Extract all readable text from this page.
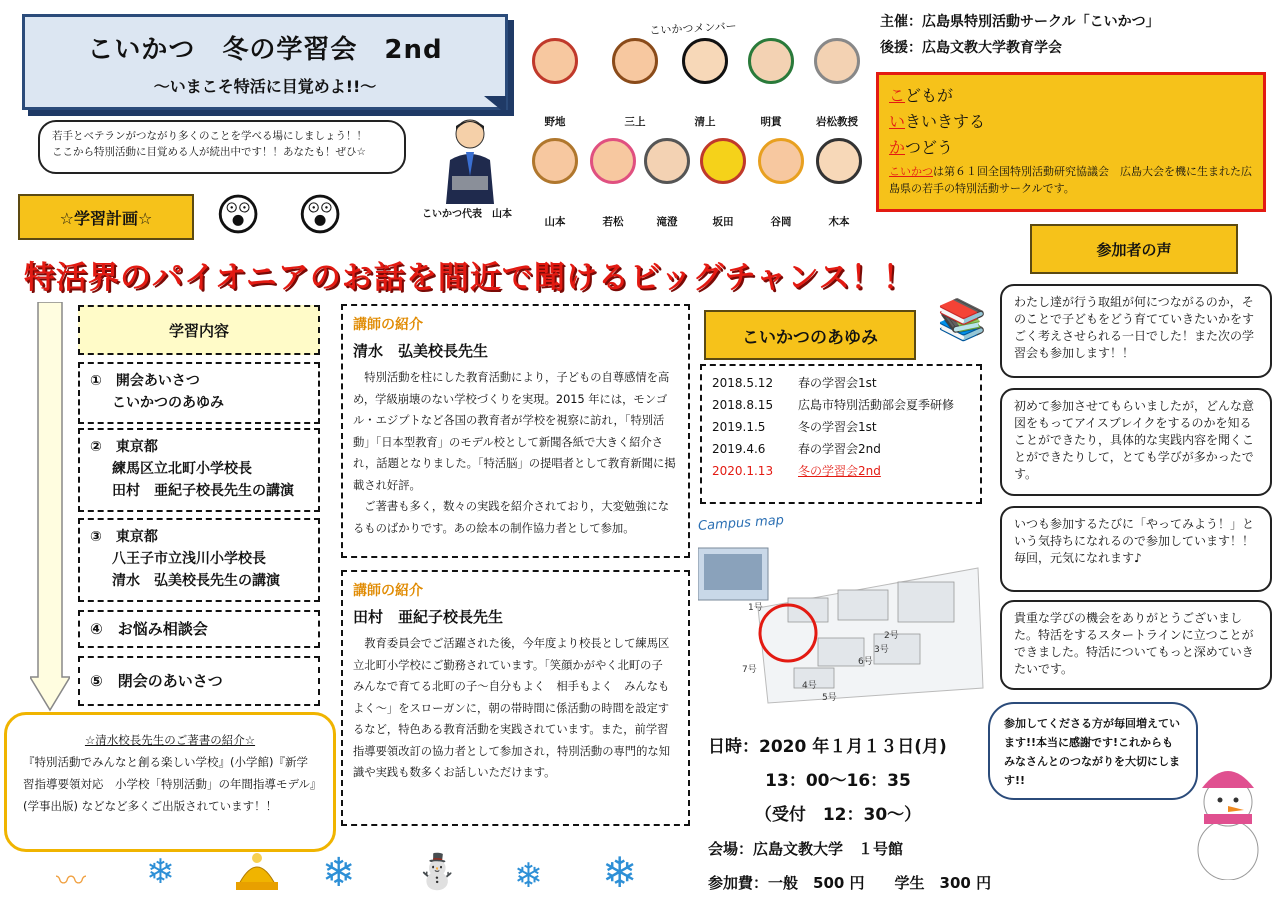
こいかつ　冬の学習会　2nd
〜いまこそ特活に目覚めよ!!〜
若手とベテランがつながり多くのことを学べる場にしましょう！！
ここから特別活動に目覚める人が続出中です！！あなたも！ぜひ☆
こいかつ代表　山本
こいかつメンバー
野地	三上	清上	明貫	岩松教授
山本	若松	滝澄	坂田	谷岡	木本
主催：広島県特別活動サークル「こいかつ」
後援：広島文教大学教育学会
こどもが
いきいきする
かつどう
こいかつは第６１回全国特別活動研究協議会　広島大会を機に生まれた広島県の若手の特別活動サークルです。
☆学習計画☆ 😲 😲
特活界のパイオニアのお話を間近で聞けるビッグチャンス！！
学習内容
①　開会あいさつ
こいかつのあゆみ
②　東京都
練馬区立北町小学校長
田村　亜紀子校長先生の講演
③　東京都
八王子市立浅川小学校長
清水　弘美校長先生の講演
④　お悩み相談会
⑤　閉会のあいさつ
☆清水校長先生のご著書の紹介☆
『特別活動でみんなと創る楽しい学校』(小学館)『新学習指導要領対応　小学校「特別活動」の年間指導モデル』(学事出版) などなど多くご出版されています！！
講師の紹介
清水　弘美校長先生
特別活動を柱にした教育活動により，子どもの自尊感情を高め，学級崩壊のない学校づくりを実現。2015 年には，モンゴル・エジプトなど各国の教育者が学校を視察に訪れ，「特別活動」「日本型教育」のモデル校として新聞各紙で大きく紹介され，話題となりました。「特活脳」の提唱者として教育新聞に掲載され好評。
ご著書も多く，数々の実践を紹介されており，大変勉強になるものばかりです。あの絵本の制作協力者として参加。
講師の紹介
田村　亜紀子校長先生
教育委員会でご活躍された後，今年度より校長として練馬区立北町小学校にご勤務されています。「笑顔かがやく北町の子　みんなで育てる北町の子〜自分もよく　相手もよく　みんなもよく〜」をスローガンに，朝の帯時間に係活動の時間を設定するなど，特色ある教育活動を実践されています。また，前学習指導要領改訂の協力者として参加され，特別活動の専門的な知識や実践も数多くお話しいただけます。
こいかつのあゆみ 📚
2018.5.12 春の学習会1st
2018.8.15 広島市特別活動部会夏季研修
2019.1.5	冬の学習会1st
2019.4.6	春の学習会2nd
2020.1.13 冬の学習会2nd
Campus map
1号
2号
3号
4号
5号
6号
7号
日時：2020 年１月１３日(月)
13：00〜16：35
（受付　12：30〜）
会場：広島文教大学　１号館
参加費：一般　500 円　　学生　300 円
参加者の声
わたし達が行う取組が何につながるのか，そのことで子どもをどう育てていきたいかをすごく考えさせられる一日でした！また次の学習会も参加します！！
初めて参加させてもらいましたが，どんな意図をもってアイスブレイクをするのかを知ることができたり，具体的な実践内容を聞くことができたりして，とても学びが多かったです。
いつも参加するたびに「やってみよう！」という気持ちになれるので参加しています！！毎回，元気になれます♪
貴重な学びの機会をありがとうございました。特活をするスタートラインに立つことができました。特活についてもっと深めていきたいです。
参加してくださる方が毎回増えています!!本当に感謝です!これからもみなさんとのつながりを大切にします!!
〰 ❄	❄ ⛄ ❄ ❄
